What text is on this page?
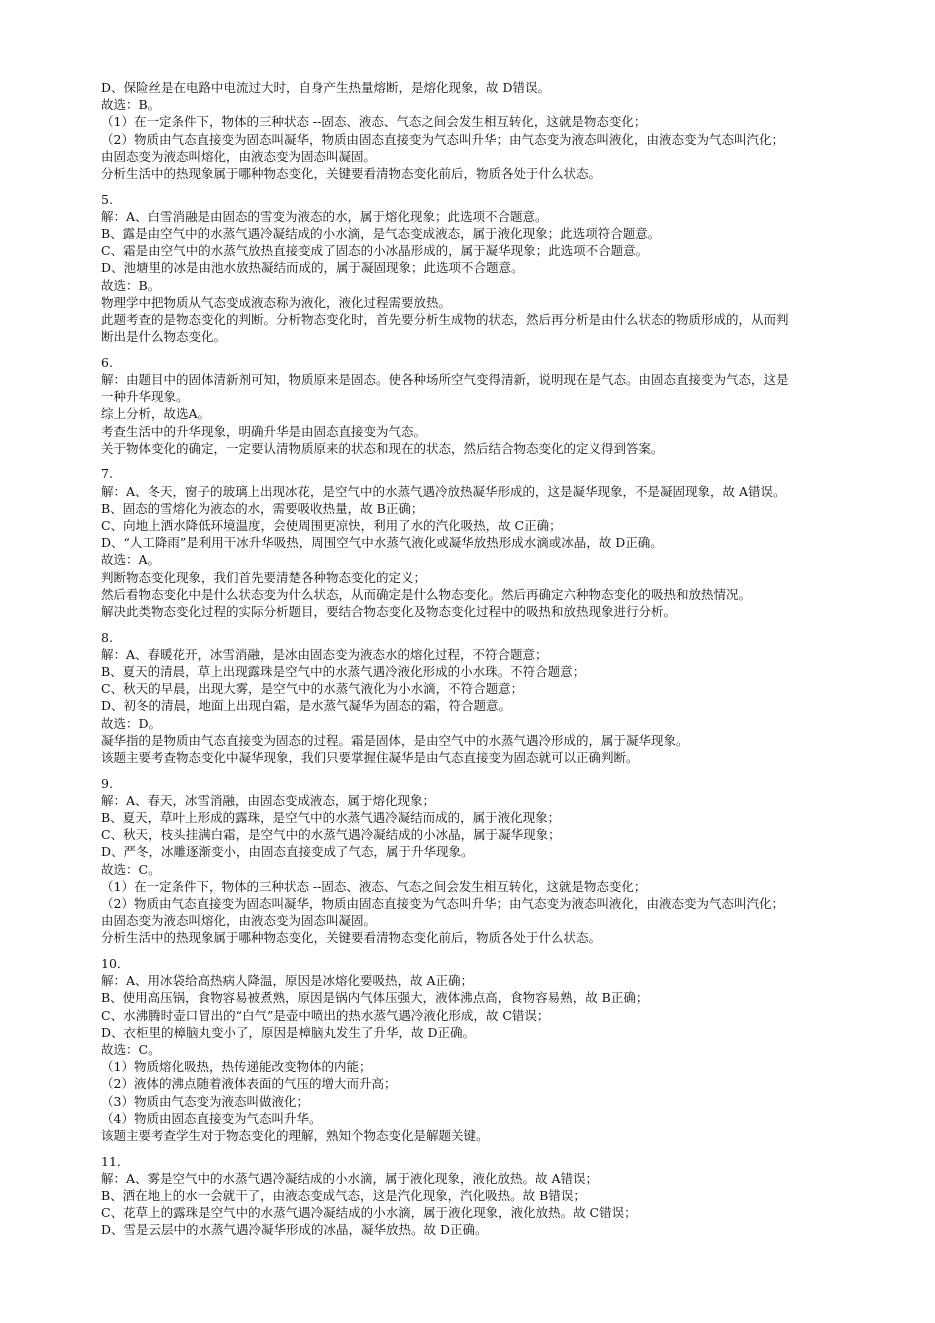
D、保险丝是在电路中电流过大时，自身产生热量熔断，是熔化现象，故 D错误。
故选：B。
（1）在一定条件下，物体的三种状态 --固态、液态、气态之间会发生相互转化，这就是物态变化；
（2）物质由气态直接变为固态叫凝华，物质由固态直接变为气态叫升华；由气态变为液态叫液化，由液态变为气态叫汽化；
由固态变为液态叫熔化，由液态变为固态叫凝固。
分析生活中的热现象属于哪种物态变化，关键要看清物态变化前后，物质各处于什么状态。
5.
解：A、白雪消融是由固态的雪变为液态的水，属于熔化现象；此选项不合题意。
B、露是由空气中的水蒸气遇冷凝结成的小水滴，是气态变成液态，属于液化现象；此选项符合题意。
C、霜是由空气中的水蒸气放热直接变成了固态的小冰晶形成的，属于凝华现象；此选项不合题意。
D、池塘里的冰是由池水放热凝结而成的，属于凝固现象；此选项不合题意。
故选：B。
物理学中把物质从气态变成液态称为液化，液化过程需要放热。
此题考查的是物态变化的判断。分析物态变化时，首先要分析生成物的状态，然后再分析是由什么状态的物质形成的，从而判
断出是什么物态变化。
6.
解：由题目中的固体清新剂可知，物质原来是固态。使各种场所空气变得清新，说明现在是气态。由固态直接变为气态，这是
一种升华现象。
综上分析，故选A。
考查生活中的升华现象，明确升华是由固态直接变为气态。
关于物体变化的确定，一定要认清物质原来的状态和现在的状态，然后结合物态变化的定义得到答案。
7.
解：A、冬天，窗子的玻璃上出现冰花，是空气中的水蒸气遇冷放热凝华形成的，这是凝华现象，不是凝固现象，故 A错误。
B、固态的雪熔化为液态的水，需要吸收热量，故 B正确；
C、向地上洒水降低环境温度，会使周围更凉快，利用了水的汽化吸热，故 C正确；
D、“人工降雨”是利用干冰升华吸热，周围空气中水蒸气液化或凝华放热形成水滴或冰晶，故 D正确。
故选：A。
判断物态变化现象，我们首先要清楚各种物态变化的定义；
然后看物态变化中是什么状态变为什么状态，从而确定是什么物态变化。然后再确定六种物态变化的吸热和放热情况。
解决此类物态变化过程的实际分析题目，要结合物态变化及物态变化过程中的吸热和放热现象进行分析。
8.
解：A、春暖花开，冰雪消融，是冰由固态变为液态水的熔化过程，不符合题意；
B、夏天的清晨，草上出现露珠是空气中的水蒸气遇冷液化形成的小水珠。不符合题意；
C、秋天的早晨，出现大雾，是空气中的水蒸气液化为小水滴，不符合题意；
D、初冬的清晨，地面上出现白霜，是水蒸气凝华为固态的霜，符合题意。
故选：D。
凝华指的是物质由气态直接变为固态的过程。霜是固体，是由空气中的水蒸气遇冷形成的，属于凝华现象。
该题主要考查物态变化中凝华现象，我们只要掌握住凝华是由气态直接变为固态就可以正确判断。
9.
解：A、春天，冰雪消融，由固态变成液态，属于熔化现象；
B、夏天，草叶上形成的露珠，是空气中的水蒸气遇冷凝结而成的，属于液化现象；
C、秋天，枝头挂满白霜，是空气中的水蒸气遇冷凝结成的小冰晶，属于凝华现象；
D、严冬，冰雕逐渐变小，由固态直接变成了气态，属于升华现象。
故选：C。
（1）在一定条件下，物体的三种状态 --固态、液态、气态之间会发生相互转化，这就是物态变化；
（2）物质由气态直接变为固态叫凝华，物质由固态直接变为气态叫升华；由气态变为液态叫液化，由液态变为气态叫汽化；
由固态变为液态叫熔化，由液态变为固态叫凝固。
分析生活中的热现象属于哪种物态变化，关键要看清物态变化前后，物质各处于什么状态。
10.
解：A、用冰袋给高热病人降温，原因是冰熔化要吸热，故 A正确；
B、使用高压锅，食物容易被煮熟，原因是锅内气体压强大，液体沸点高，食物容易熟，故 B正确；
C、水沸腾时壶口冒出的“白气”是壶中喷出的热水蒸气遇冷液化形成，故 C错误；
D、衣柜里的樟脑丸变小了，原因是樟脑丸发生了升华，故 D正确。
故选：C。
（1）物质熔化吸热，热传递能改变物体的内能；
（2）液体的沸点随着液体表面的气压的增大而升高；
（3）物质由气态变为液态叫做液化；
（4）物质由固态直接变为气态叫升华。
该题主要考查学生对于物态变化的理解，熟知个物态变化是解题关键。
11.
解：A、雾是空气中的水蒸气遇冷凝结成的小水滴，属于液化现象，液化放热。故 A错误；
B、洒在地上的水一会就干了，由液态变成气态，这是汽化现象，汽化吸热。故 B错误；
C、花草上的露珠是空气中的水蒸气遇冷凝结成的小水滴，属于液化现象，液化放热。故 C错误；
D、雪是云层中的水蒸气遇冷凝华形成的冰晶，凝华放热。故 D正确。
